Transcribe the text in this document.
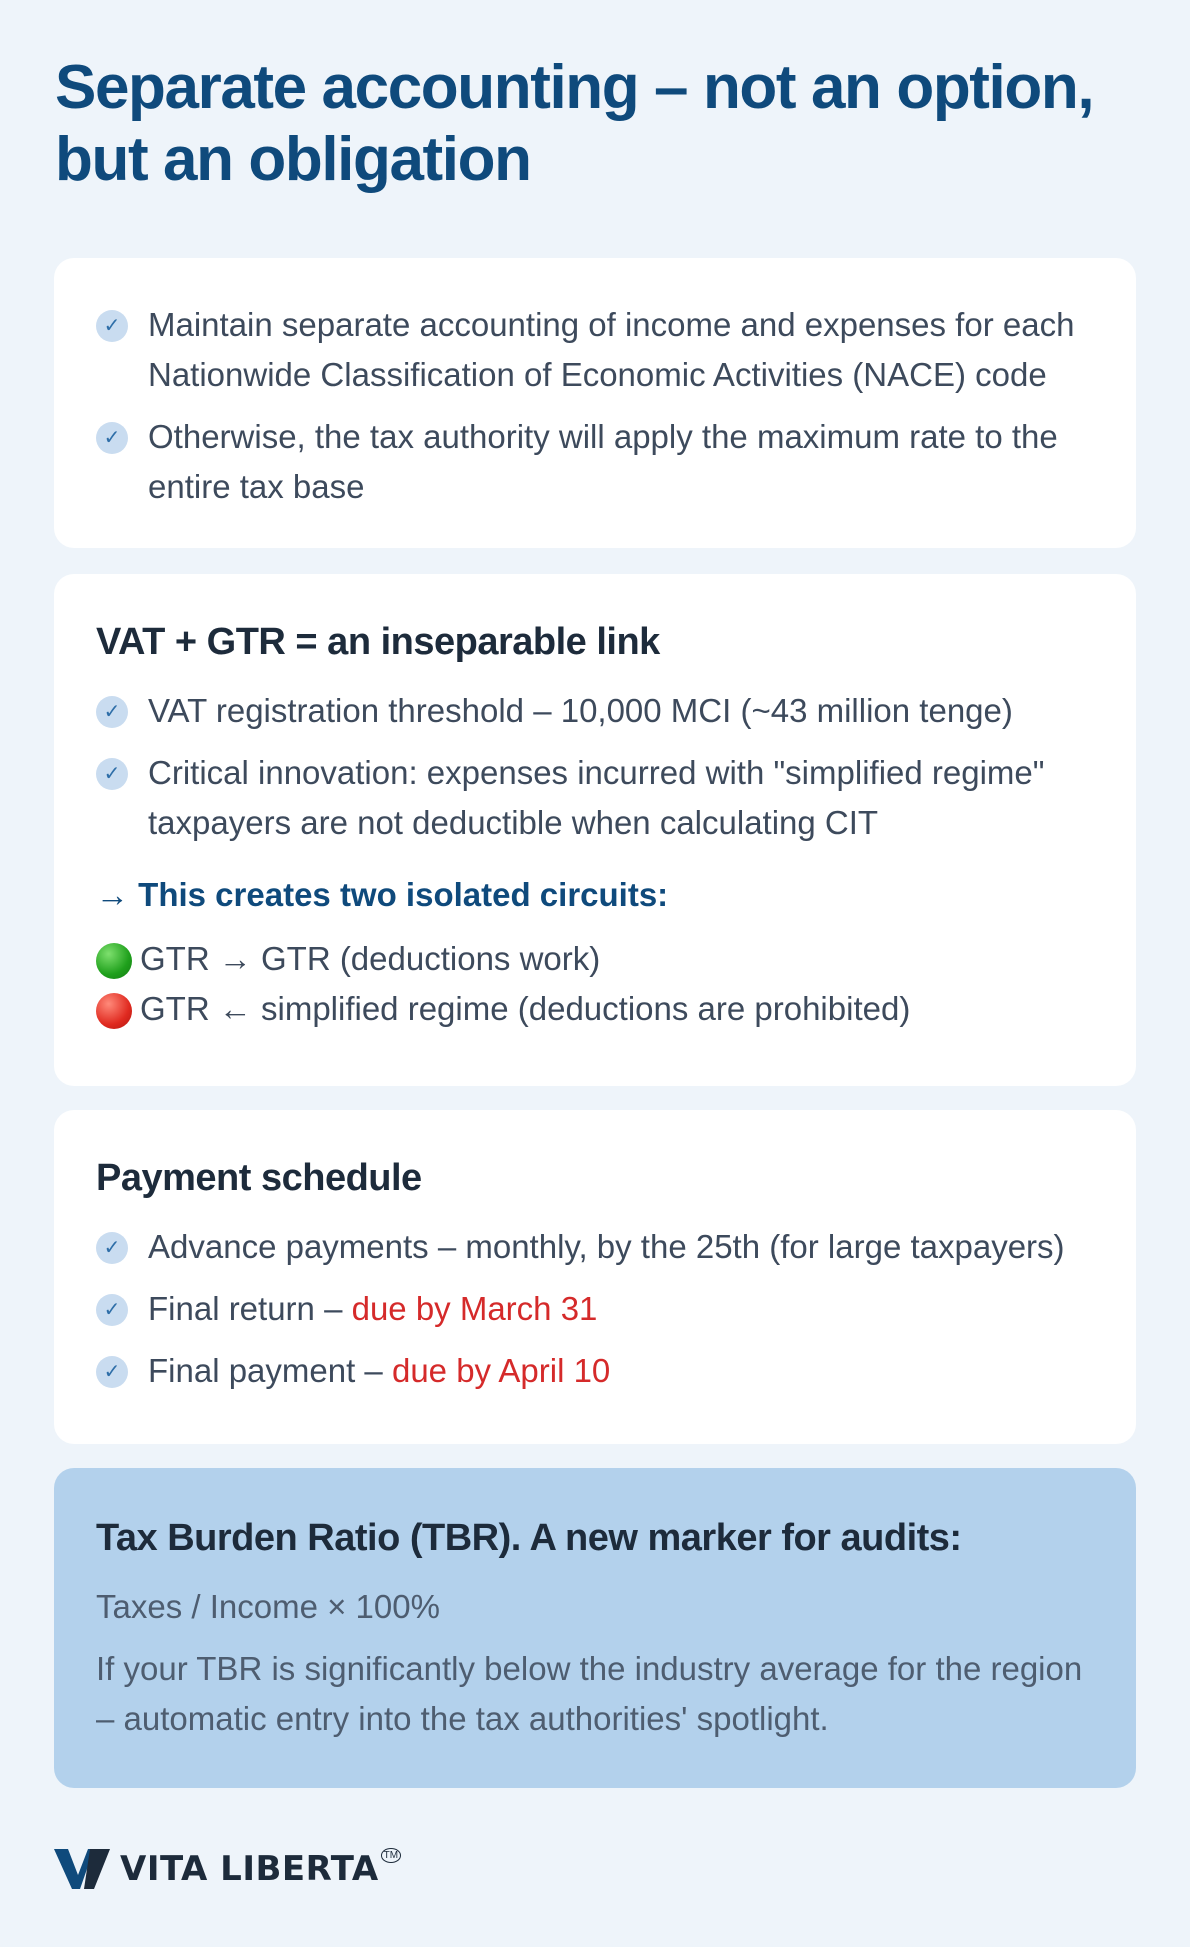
Separate accounting – not an option,
but an obligation
✓ Maintain separate accounting of income and expenses for each Nationwide Classification of Economic Activities (NACE) code
✓ Otherwise, the tax authority will apply the maximum rate to the entire tax base
VAT + GTR = an inseparable link
✓ VAT registration threshold – 10,000 MCI (~43 million tenge)
✓ Critical innovation: expenses incurred with "simplified regime" taxpayers are not deductible when calculating CIT

→ This creates two isolated circuits:

GTR → GTR (deductions work)
GTR ← simplified regime (deductions are prohibited)
Payment schedule
✓ Advance payments – monthly, by the 25th (for large taxpayers)
✓ Final return – due by March 31
✓ Final payment – due by April 10
Tax Burden Ratio (TBR). A new marker for audits:

Taxes / Income × 100%

If your TBR is significantly below the industry average for the region – automatic entry into the tax authorities' spotlight.

VITA LIBERTA TM
